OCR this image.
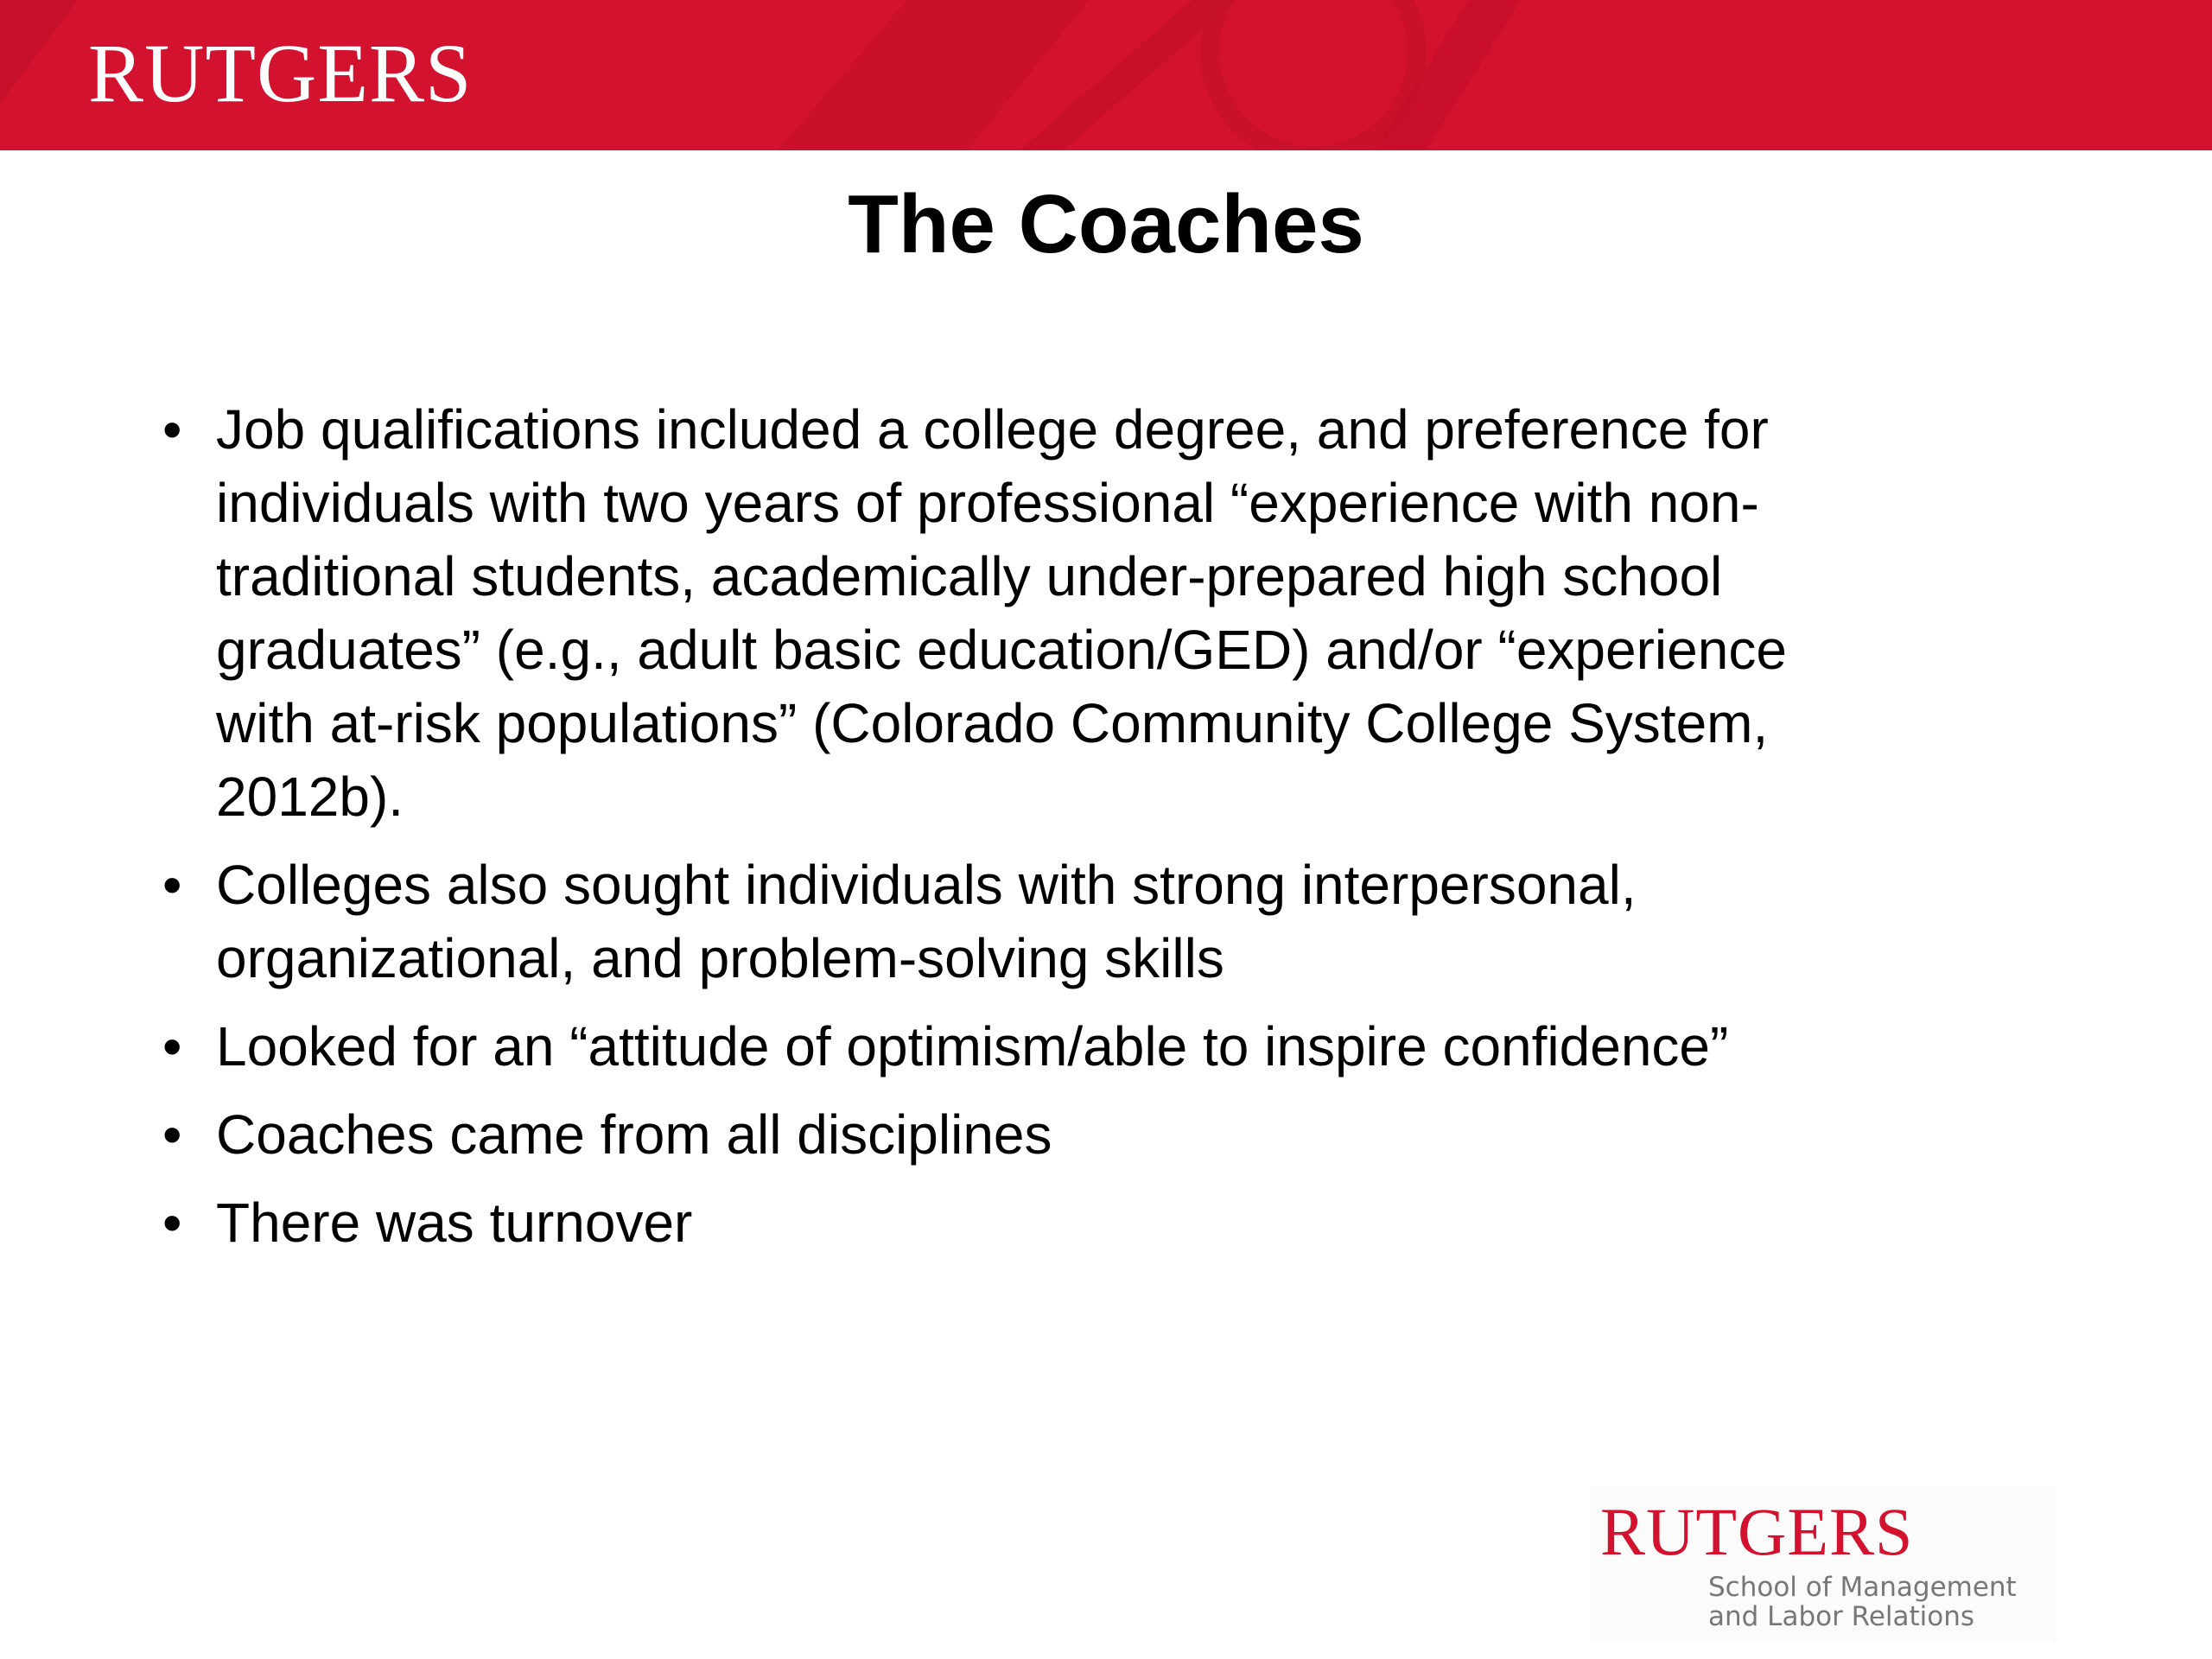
RUTGERS
The Coaches
• Job qualifications included a college degree, and preference for
individuals with two years of professional “experience with non-
traditional students, academically under-prepared high school
graduates” (e.g., adult basic education/GED) and/or “experience
with at-risk populations” (Colorado Community College System,
2012b).
• Colleges also sought individuals with strong interpersonal,
organizational, and problem-solving skills
• Looked for an “attitude of optimism/able to inspire confidence”
• Coaches came from all disciplines
• There was turnover
RUTGERS
School of Management
and Labor Relations
